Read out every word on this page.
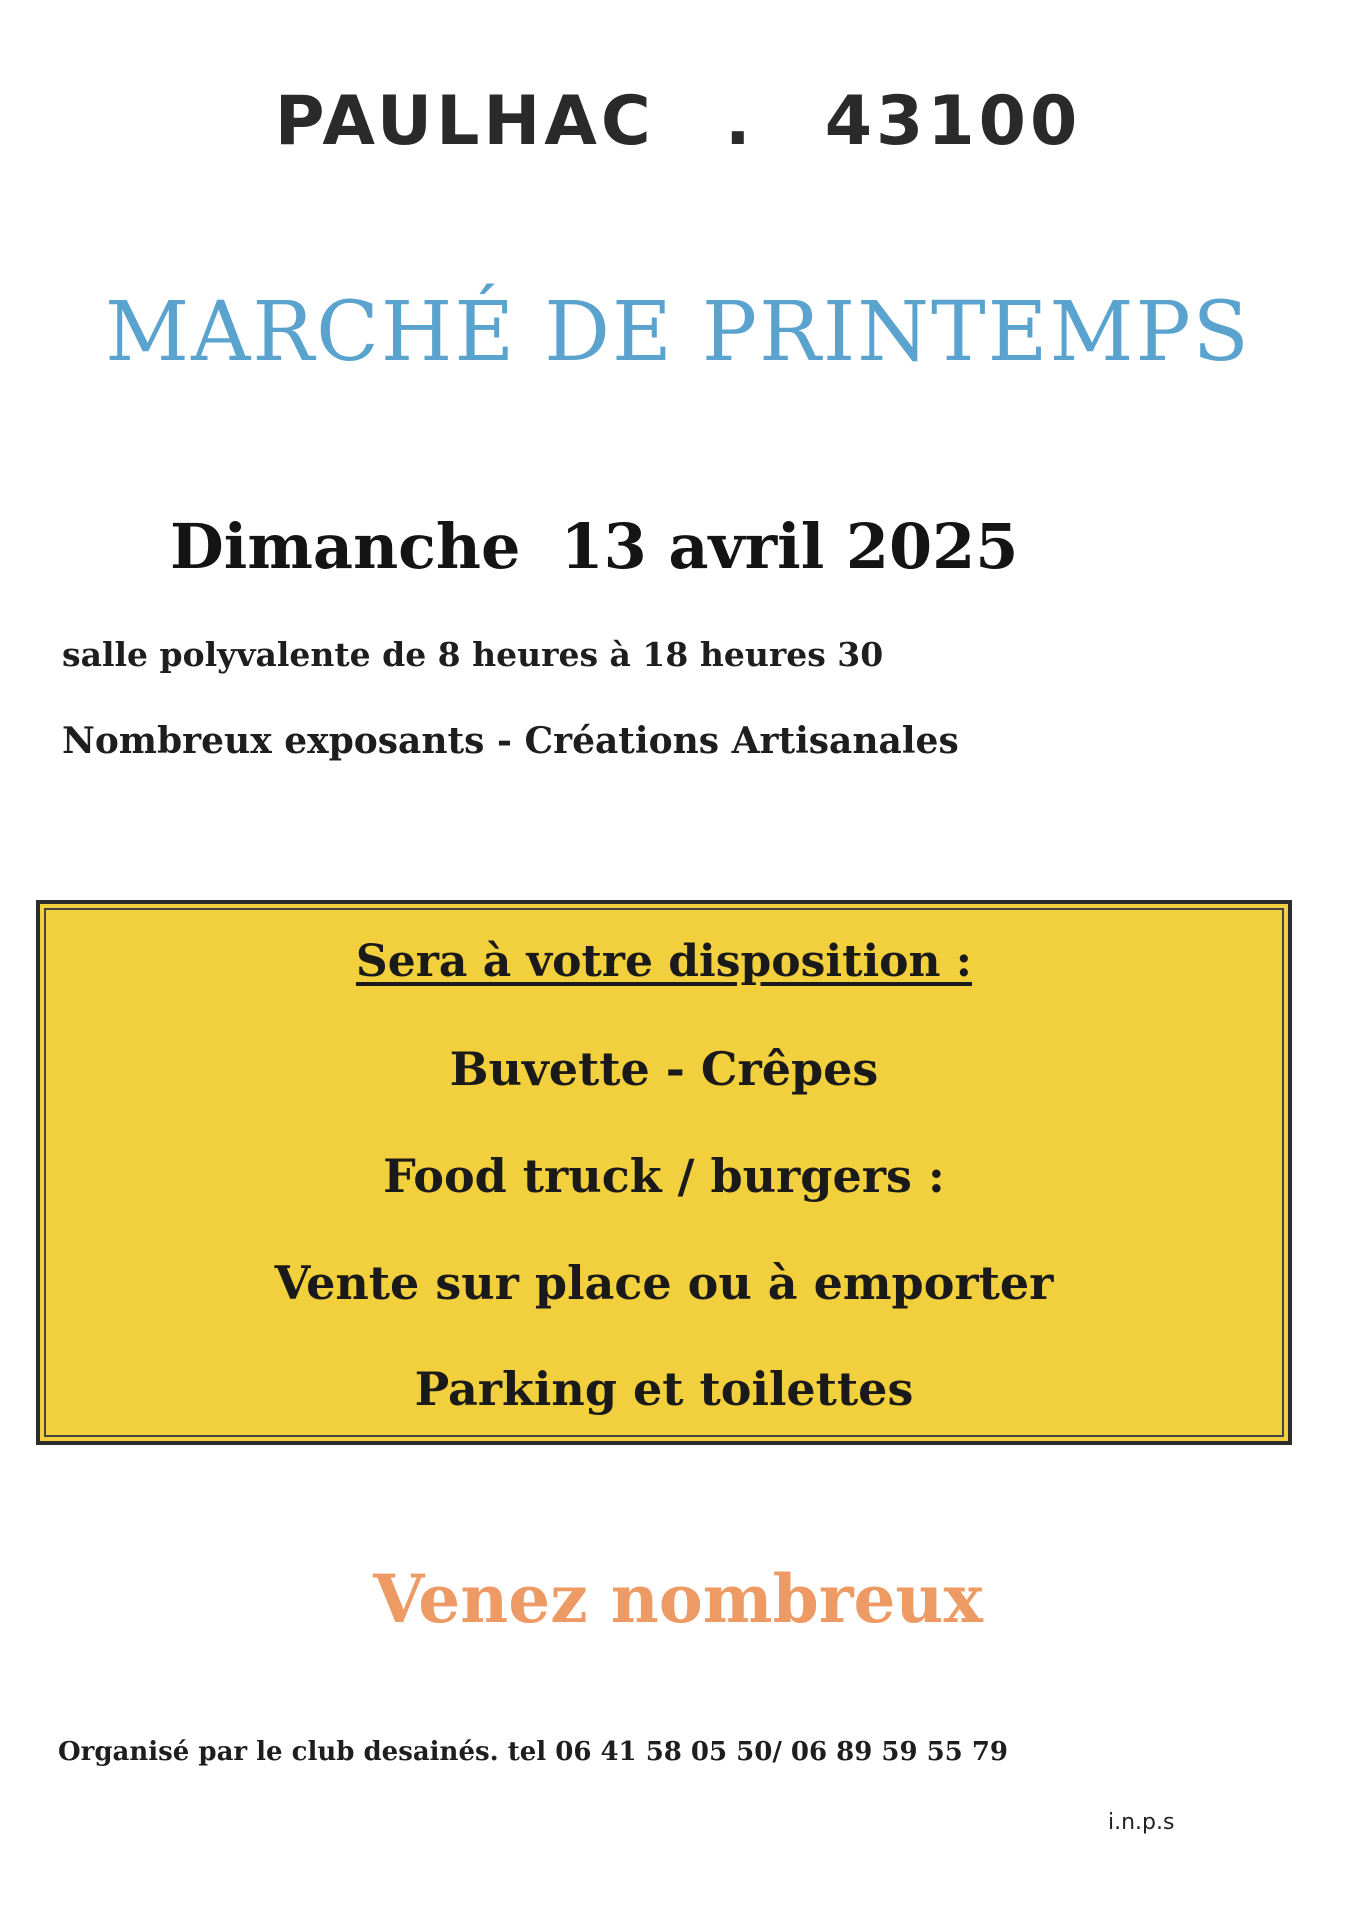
PAULHAC . 43100
MARCHÉ DE PRINTEMPS
Dimanche 13 avril 2025
salle polyvalente de 8 heures à 18 heures 30
Nombreux exposants - Créations Artisanales
Sera à votre disposition :
Buvette - Crêpes
Food truck / burgers :
Vente sur place ou à emporter
Parking et toilettes
Venez nombreux
Organisé par le club desainés. tel 06 41 58 05 50/ 06 89 59 55 79
i.n.p.s
